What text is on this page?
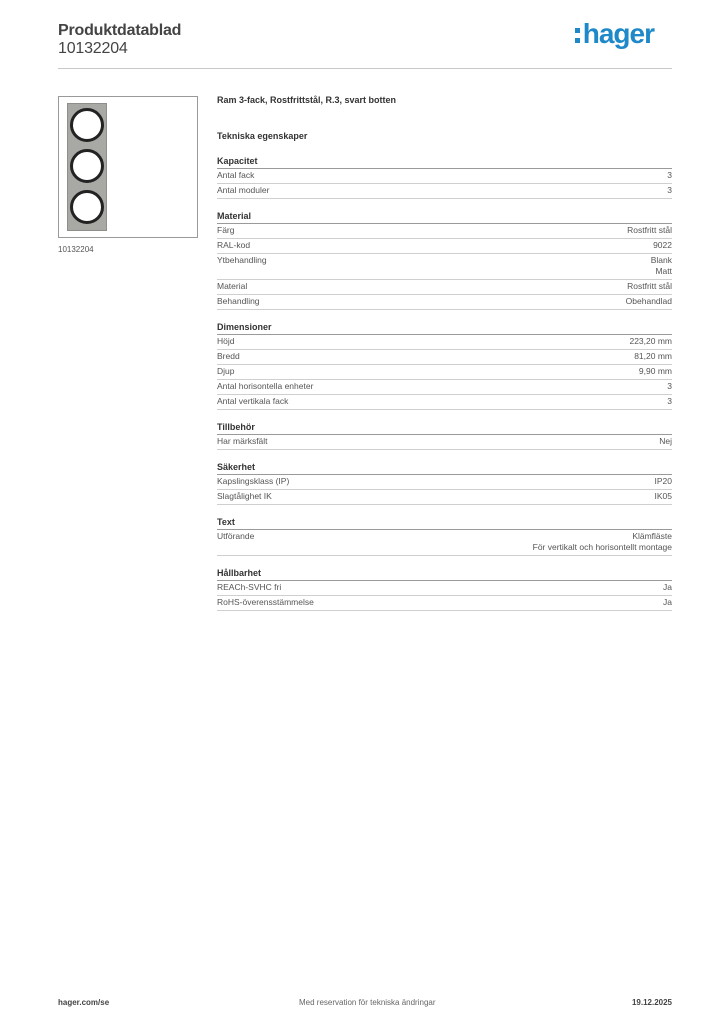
Produktdatablad
10132204	hager
10132204
Ram 3-fack, Rostfrittstål, R.3, svart botten
Tekniska egenskaper
Kapacitet
Antal fack	3
Antal moduler	3
Material
Färg	Rostfritt stål
RAL-kod	9022
Ytbehandling	Blank
Matt
Material	Rostfritt stål
Behandling	Obehandlad
Dimensioner
Höjd	223,20 mm
Bredd	81,20 mm
Djup	9,90 mm
Antal horisontella enheter	3
Antal vertikala fack	3
Tillbehör
Har märksfält	Nej
Säkerhet
Kapslingsklass (IP)	IP20
Slagtålighet IK	IK05
Text
Utförande	Klämfläste
För vertikalt och horisontellt montage
Hållbarhet
REACh-SVHC fri	Ja
RoHS-överensstämmelse	Ja
hager.com/se	Med reservation för tekniska ändringar	19.12.2025
